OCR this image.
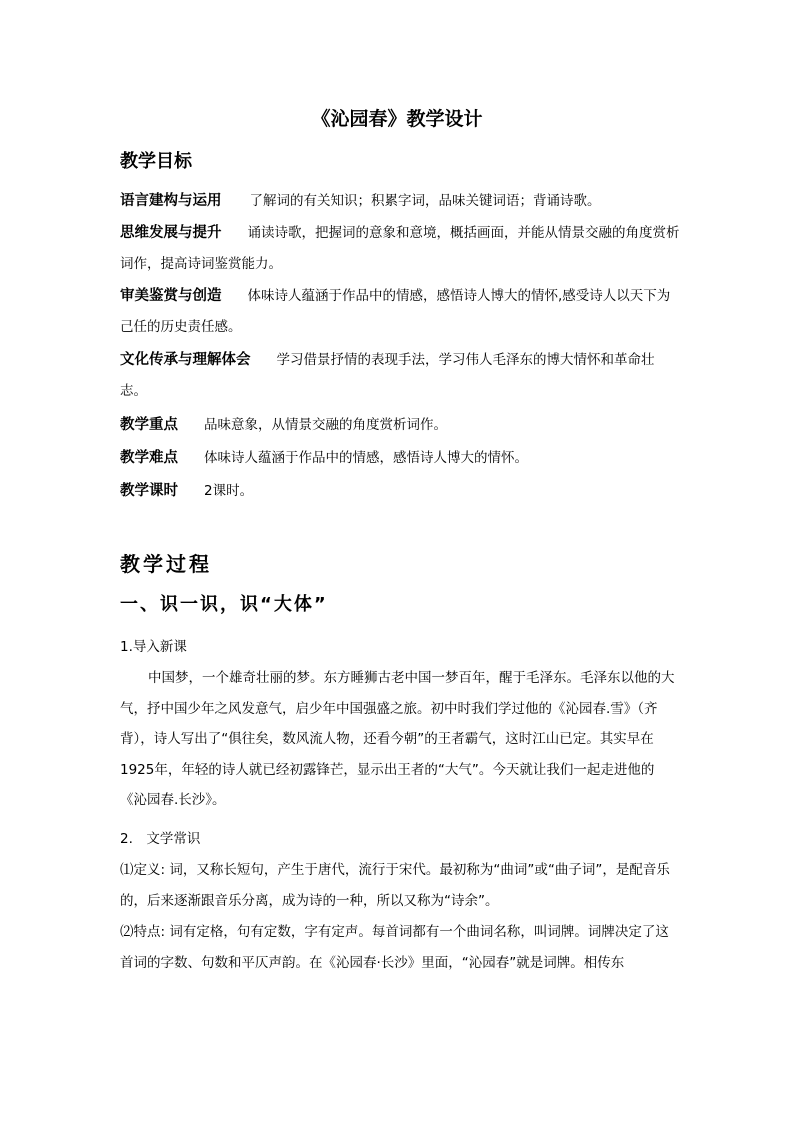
《沁园春》教学设计
教学目标
语言建构与运用 了解词的有关知识；积累字词，品味关键词语；背诵诗歌。
思维发展与提升 诵读诗歌，把握词的意象和意境，概括画面，并能从情景交融的角度赏析词作，提高诗词鉴赏能力。
审美鉴赏与创造 体味诗人蕴涵于作品中的情感，感悟诗人博大的情怀,感受诗人以天下为己任的历史责任感。
文化传承与理解体会 学习借景抒情的表现手法，学习伟人毛泽东的博大情怀和革命壮志。
教学重点 品味意象，从情景交融的角度赏析词作。
教学难点 体味诗人蕴涵于作品中的情感，感悟诗人博大的情怀。
教学课时 2课时。
教学过程
一、识一识，识“大体”
1.导入新课
中国梦，一个雄奇壮丽的梦。东方睡狮古老中国一梦百年，醒于毛泽东。毛泽东以他的大气，抒中国少年之风发意气，启少年中国强盛之旅。初中时我们学过他的《沁园春.雪》（齐背），诗人写出了“俱往矣，数风流人物，还看今朝”的王者霸气，这时江山已定。其实早在1925年，年轻的诗人就已经初露锋芒，显示出王者的“大气”。今天就让我们一起走进他的《沁园春.长沙》。
2.　文学常识
⑴定义: 词，又称长短句，产生于唐代，流行于宋代。最初称为“曲词”或“曲子词”，是配音乐的，后来逐渐跟音乐分离，成为诗的一种，所以又称为“诗余”。
⑵特点: 词有定格，句有定数，字有定声。每首词都有一个曲词名称，叫词牌。词牌决定了这首词的字数、句数和平仄声韵。在《沁园春·长沙》里面，“沁园春”就是词牌。相传东
